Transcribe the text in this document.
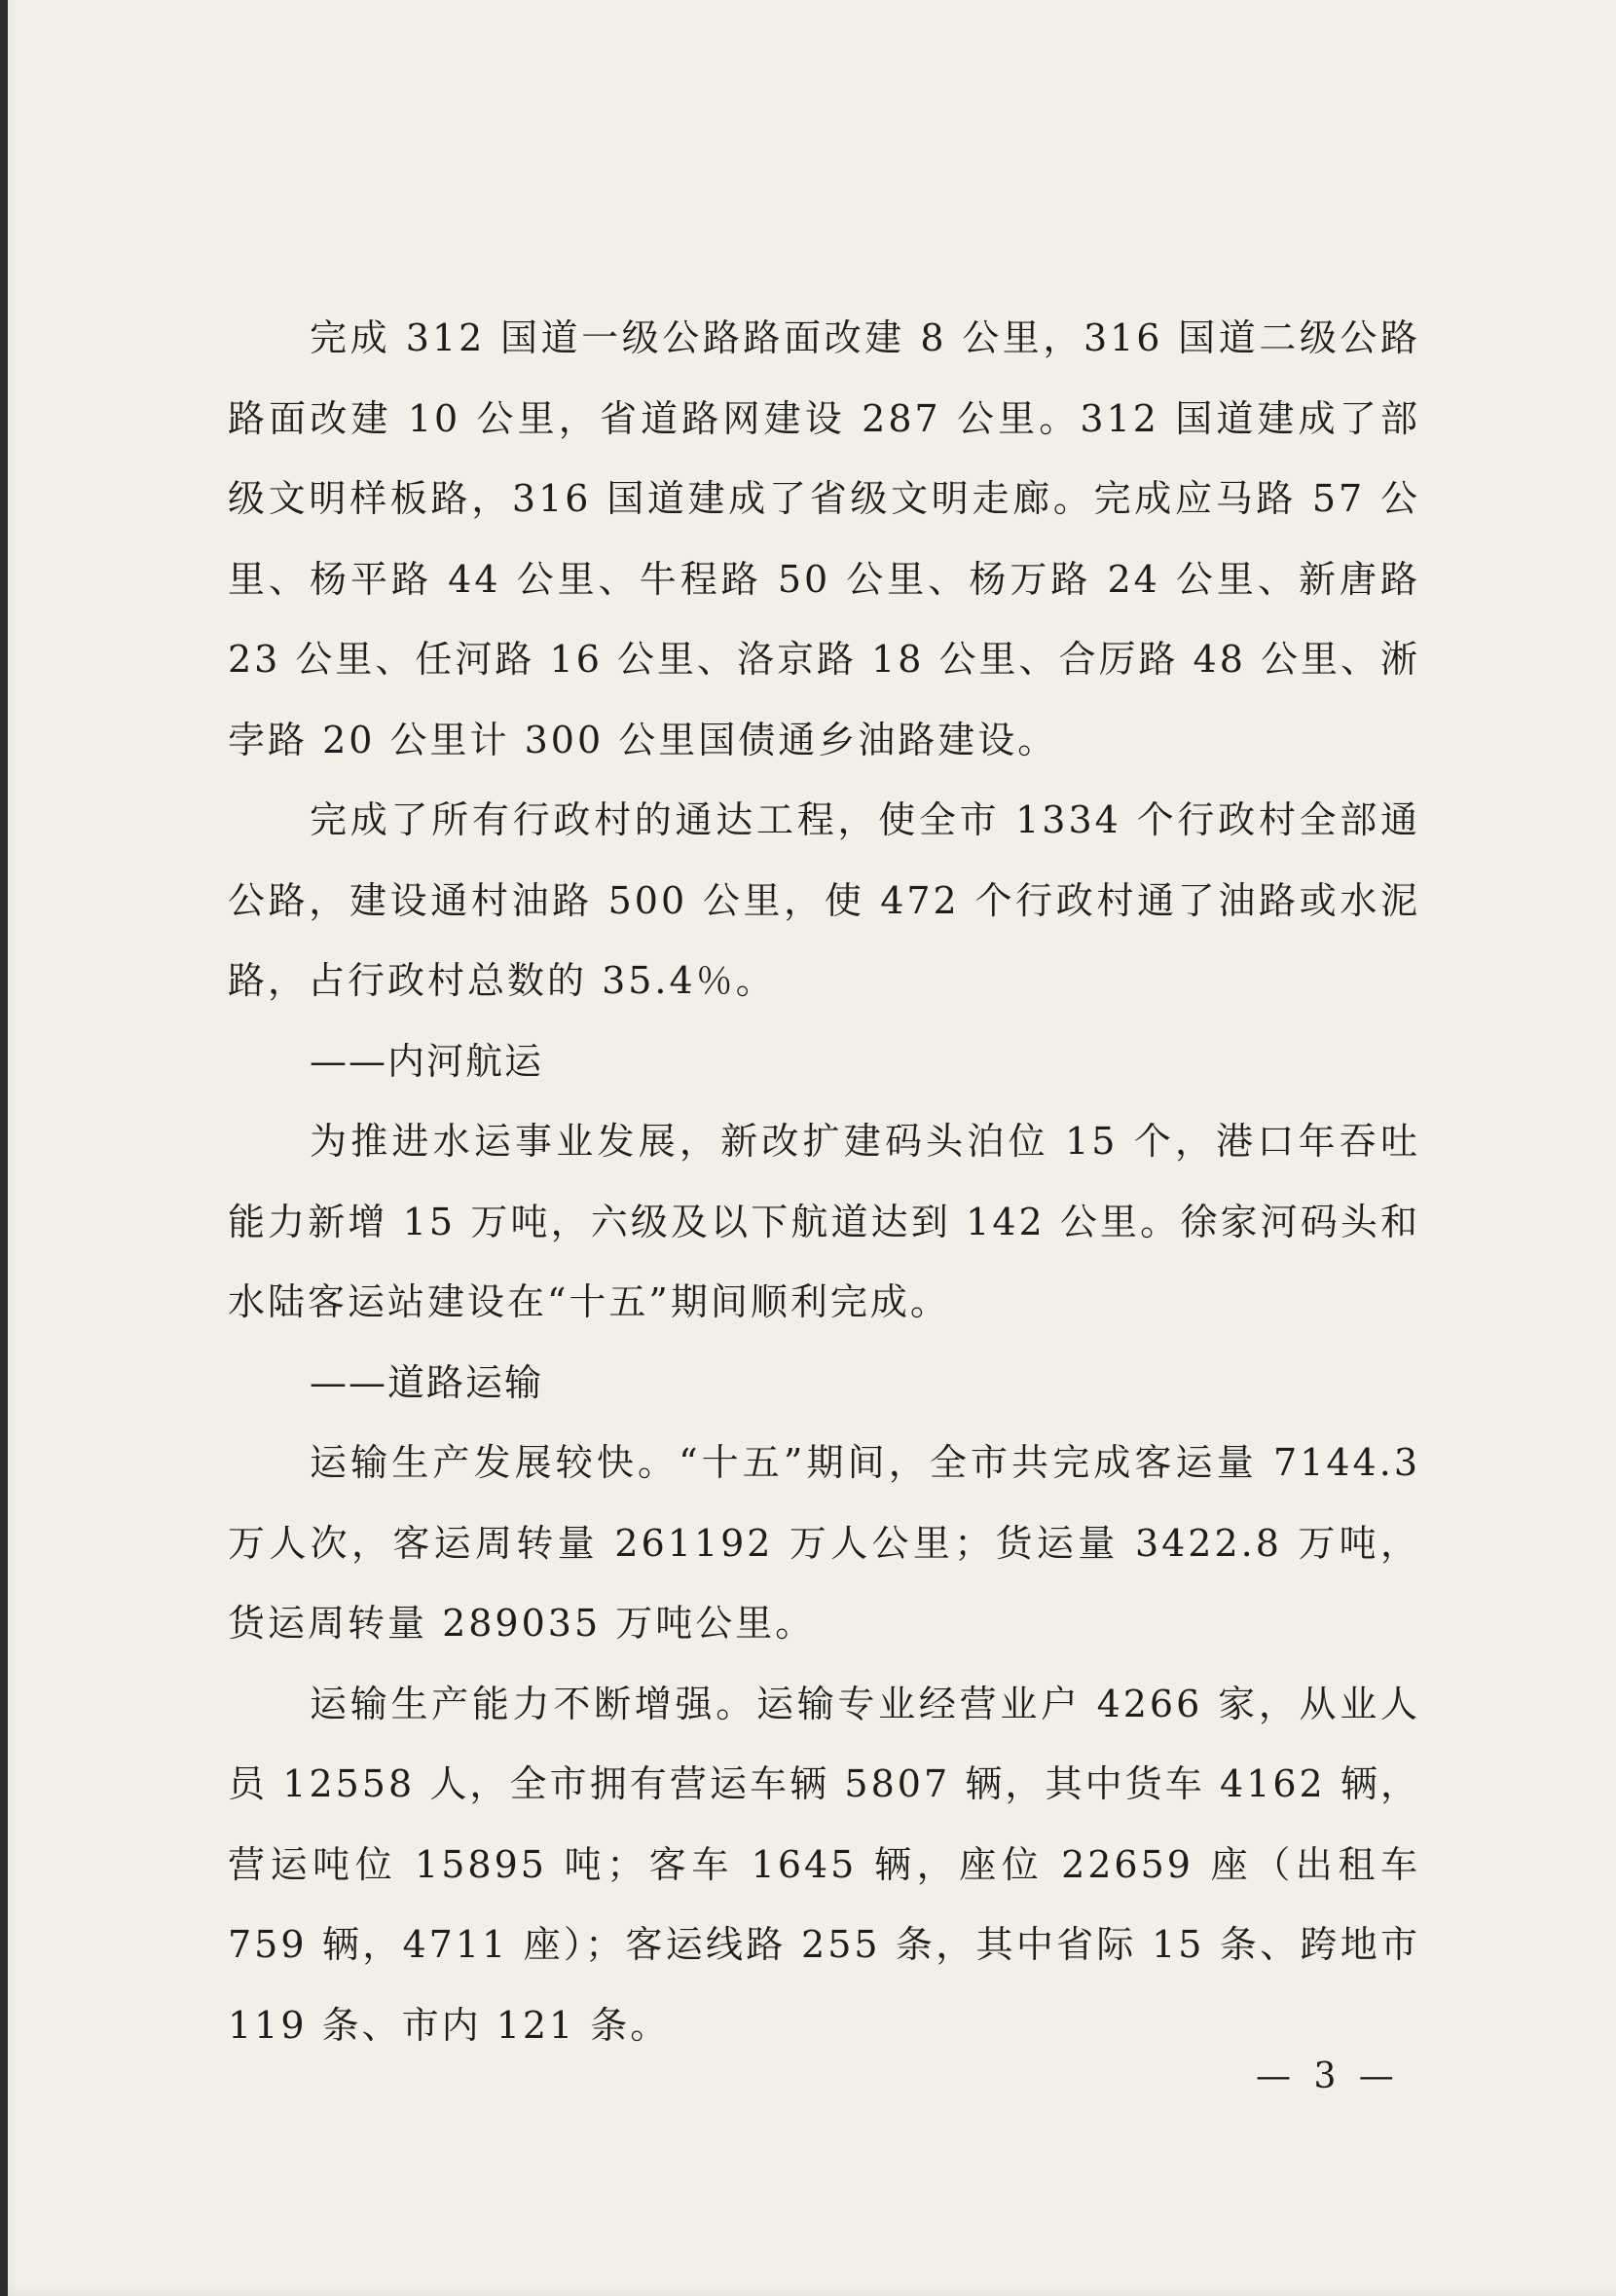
完成 312 国道一级公路路面改建 8 公里，316 国道二级公路路面改建 10 公里，省道路网建设 287 公里。312 国道建成了部级文明样板路，316 国道建成了省级文明走廊。完成应马路 57 公里、杨平路 44 公里、牛程路 50 公里、杨万路 24 公里、新唐路 23 公里、任河路 16 公里、洛京路 18 公里、合厉路 48 公里、淅孛路 20 公里计 300 公里国债通乡油路建设。

完成了所有行政村的通达工程，使全市 1334 个行政村全部通公路，建设通村油路 500 公里，使 472 个行政村通了油路或水泥路，占行政村总数的 35.4％。

——内河航运

为推进水运事业发展，新改扩建码头泊位 15 个，港口年吞吐能力新增 15 万吨，六级及以下航道达到 142 公里。徐家河码头和水陆客运站建设在“十五”期间顺利完成。

——道路运输

运输生产发展较快。“十五”期间，全市共完成客运量 7144.3 万人次，客运周转量 261192 万人公里；货运量 3422.8 万吨，货运周转量 289035 万吨公里。

运输生产能力不断增强。运输专业经营业户 4266 家，从业人员 12558 人，全市拥有营运车辆 5807 辆，其中货车 4162 辆，营运吨位 15895 吨；客车 1645 辆，座位 22659 座（出租车 759 辆，4711 座）；客运线路 255 条，其中省际 15 条、跨地市 119 条、市内 121 条。

— 3 —
